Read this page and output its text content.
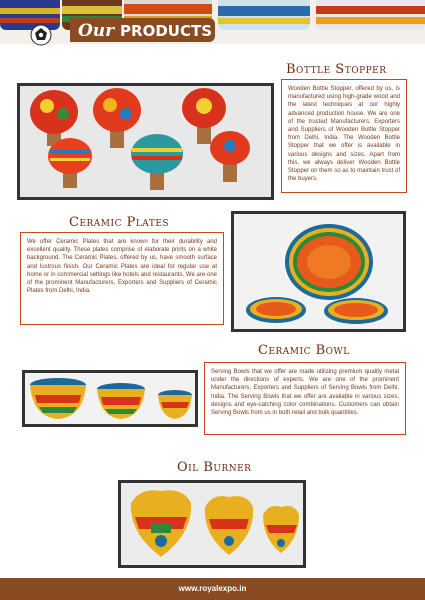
Our PRODUCTS
Bottle Stopper
Wooden Bottle Stopper, offered by us, is manufactured using high-grade wood and the latest techniques at our highly advanced production house. We are one of the trusted Manufacturers, Exporters and Suppliers of Wooden Bottle Stopper from Delhi, India. The Wooden Bottle Stopper that we offer is available in various designs and sizes. Apart from this, we always deliver Wooden Bottle Stopper on them so as to maintain trust of the buyers.
Ceramic Plates
We offer Ceramic Plates that are known for their durability and excellent quality. These plates comprise of elaborate prints on a white background. The Ceramic Plates, offered by us, have smooth surface and lustrous finish. Our Ceramic Plates are ideal for regular use at home or in commercial settings like hotels and restaurants. We are one of the prominent Manufacturers, Exporters and Suppliers of Ceramic Plates from Delhi, India.
Ceramic Bowl
Serving Bowls that we offer are made utilizing premium quality metal under the directions of experts. We are one of the prominent Manufacturers, Exporters and Suppliers of Serving Bowls from Delhi, India. The Serving Bowls that we offer are available in various sizes, designs and eye-catching color combinations. Customers can obtain Serving Bowls from us in both retail and bulk quantities.
Oil Burner
www.royalexpo.in
